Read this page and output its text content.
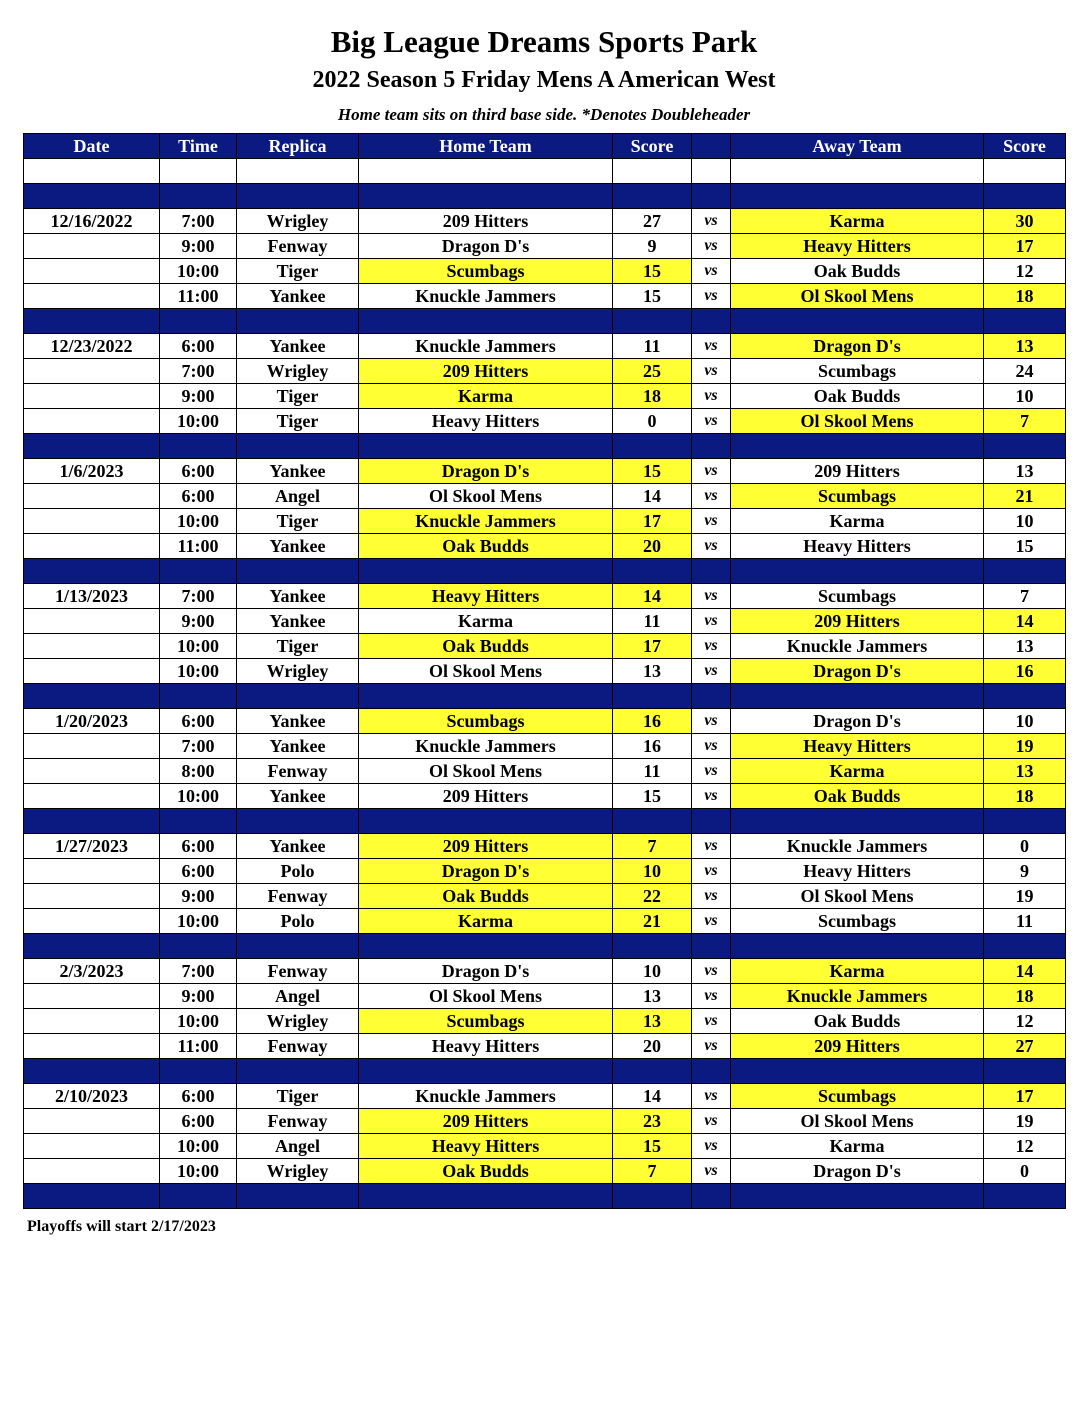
Big League Dreams Sports Park
2022 Season 5 Friday Mens A American West

Home team sits on third base side. *Denotes Doubleheader

Date	Time	Replica	Home Team	Score		Away Team	Score

12/16/2022	7:00	Wrigley	209 Hitters	27	vs	Karma	30
	9:00	Fenway	Dragon D's	9	vs	Heavy Hitters	17
	10:00	Tiger	Scumbags	15	vs	Oak Budds	12
	11:00	Yankee	Knuckle Jammers	15	vs	Ol Skool Mens	18

12/23/2022	6:00	Yankee	Knuckle Jammers	11	vs	Dragon D's	13
	7:00	Wrigley	209 Hitters	25	vs	Scumbags	24
	9:00	Tiger	Karma	18	vs	Oak Budds	10
	10:00	Tiger	Heavy Hitters	0	vs	Ol Skool Mens	7

1/6/2023	6:00	Yankee	Dragon D's	15	vs	209 Hitters	13
	6:00	Angel	Ol Skool Mens	14	vs	Scumbags	21
	10:00	Tiger	Knuckle Jammers	17	vs	Karma	10
	11:00	Yankee	Oak Budds	20	vs	Heavy Hitters	15

1/13/2023	7:00	Yankee	Heavy Hitters	14	vs	Scumbags	7
	9:00	Yankee	Karma	11	vs	209 Hitters	14
	10:00	Tiger	Oak Budds	17	vs	Knuckle Jammers	13
	10:00	Wrigley	Ol Skool Mens	13	vs	Dragon D's	16

1/20/2023	6:00	Yankee	Scumbags	16	vs	Dragon D's	10
	7:00	Yankee	Knuckle Jammers	16	vs	Heavy Hitters	19
	8:00	Fenway	Ol Skool Mens	11	vs	Karma	13
	10:00	Yankee	209 Hitters	15	vs	Oak Budds	18

1/27/2023	6:00	Yankee	209 Hitters	7	vs	Knuckle Jammers	0
	6:00	Polo	Dragon D's	10	vs	Heavy Hitters	9
	9:00	Fenway	Oak Budds	22	vs	Ol Skool Mens	19
	10:00	Polo	Karma	21	vs	Scumbags	11

2/3/2023	7:00	Fenway	Dragon D's	10	vs	Karma	14
	9:00	Angel	Ol Skool Mens	13	vs	Knuckle Jammers	18
	10:00	Wrigley	Scumbags	13	vs	Oak Budds	12
	11:00	Fenway	Heavy Hitters	20	vs	209 Hitters	27

2/10/2023	6:00	Tiger	Knuckle Jammers	14	vs	Scumbags	17
	6:00	Fenway	209 Hitters	23	vs	Ol Skool Mens	19
	10:00	Angel	Heavy Hitters	15	vs	Karma	12
	10:00	Wrigley	Oak Budds	7	vs	Dragon D's	0

Playoffs will start 2/17/2023
